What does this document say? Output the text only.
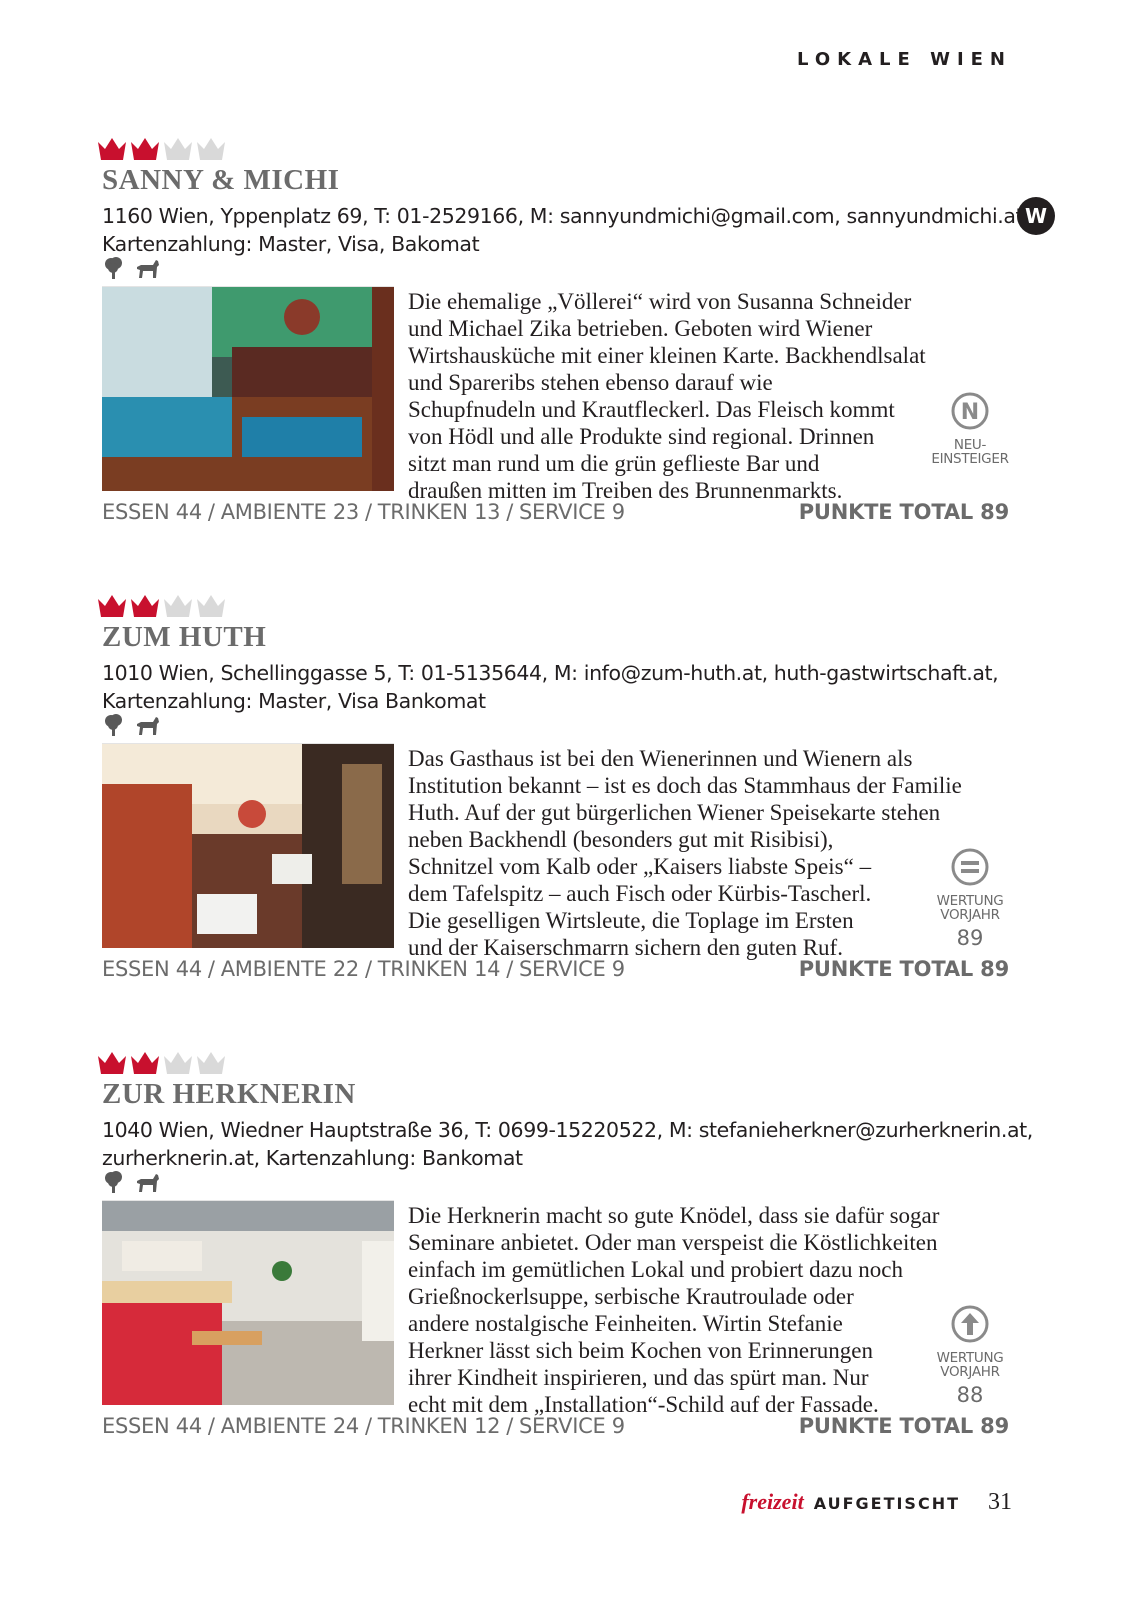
LOKALE WIEN
W
SANNY & MICHI
1160 Wien, Yppenplatz 69, T: 01-2529166, M: sannyundmichi@gmail.com, sannyundmichi.at,
Kartenzahlung: Master, Visa, Bakomat
Die ehemalige „Völlerei“ wird von Susanna Schneider
und Michael Zika betrieben. Geboten wird Wiener
Wirtshausküche mit einer kleinen Karte. Backhendlsalat
und Spareribs stehen ebenso darauf wie
Schupfnudeln und Krautfleckerl. Das Fleisch kommt
von Hödl und alle Produkte sind regional. Drinnen
sitzt man rund um die grün geflieste Bar und
draußen mitten im Treiben des Brunnenmarkts.
N
NEU-
EINSTEIGER
ESSEN 44 / AMBIENTE 23 / TRINKEN 13 / SERVICE 9	PUNKTE TOTAL 89
ZUM HUTH
1010 Wien, Schellinggasse 5, T: 01-5135644, M: info@zum-huth.at, huth-gastwirtschaft.at,
Kartenzahlung: Master, Visa Bankomat
Das Gasthaus ist bei den Wienerinnen und Wienern als
Institution bekannt – ist es doch das Stammhaus der Familie
Huth. Auf der gut bürgerlichen Wiener Speisekarte stehen
neben Backhendl (besonders gut mit Risibisi),
Schnitzel vom Kalb oder „Kaisers liabste Speis“ –
dem Tafelspitz – auch Fisch oder Kürbis-Tascherl.
Die geselligen Wirtsleute, die Toplage im Ersten
und der Kaiserschmarrn sichern den guten Ruf.
WERTUNG
VORJAHR
89
ESSEN 44 / AMBIENTE 22 / TRINKEN 14 / SERVICE 9	PUNKTE TOTAL 89
ZUR HERKNERIN
1040 Wien, Wiedner Hauptstraße 36, T: 0699-15220522, M: stefanieherkner@zurherknerin.at,
zurherknerin.at, Kartenzahlung: Bankomat
Die Herknerin macht so gute Knödel, dass sie dafür sogar
Seminare anbietet. Oder man verspeist die Köstlichkeiten
einfach im gemütlichen Lokal und probiert dazu noch
Grießnockerlsuppe, serbische Krautroulade oder
andere nostalgische Feinheiten. Wirtin Stefanie
Herkner lässt sich beim Kochen von Erinnerungen
ihrer Kindheit inspirieren, und das spürt man. Nur
echt mit dem „Installation“-Schild auf der Fassade.
WERTUNG
VORJAHR
88
ESSEN 44 / AMBIENTE 24 / TRINKEN 12 / SERVICE 9	PUNKTE TOTAL 89
freizeit AUFGETISCHT 31
